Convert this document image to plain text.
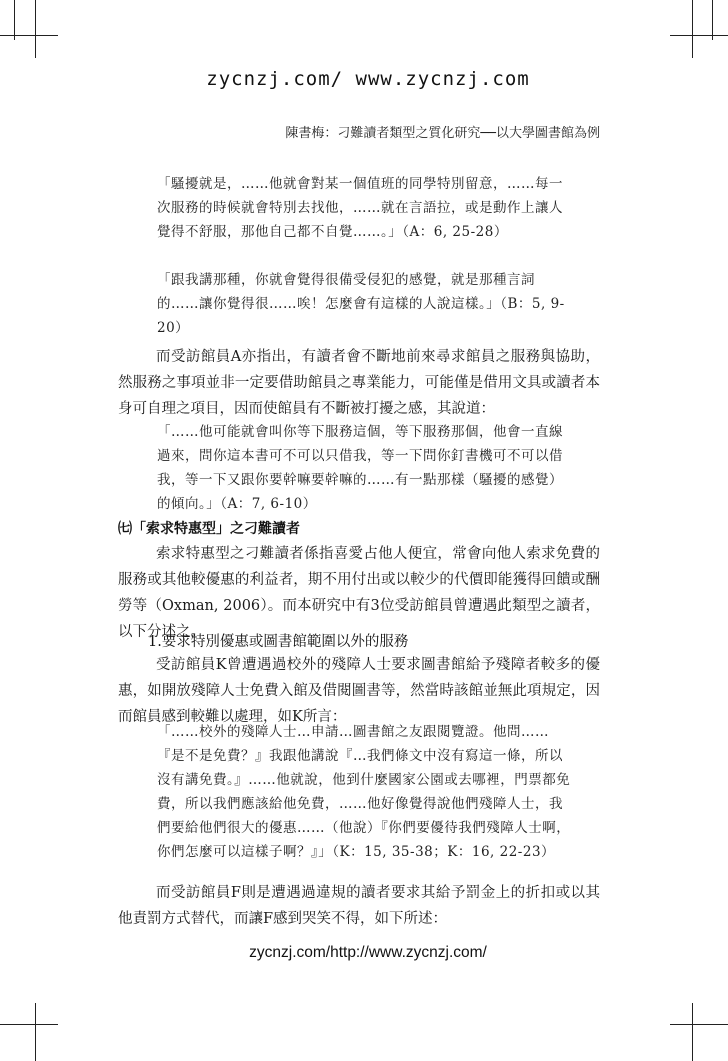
zycnzj.com/ www.zycnzj.com
陳書梅：刁難讀者類型之質化研究──以大學圖書館為例

「騷擾就是，……他就會對某一個值班的同學特別留意，……每一次服務的時候就會特別去找他，……就在言語拉，或是動作上讓人覺得不舒服，那他自己都不自覺……。」（A：6, 25-28）

「跟我講那種，你就會覺得很備受侵犯的感覺，就是那種言詞的……讓你覺得很……唉！怎麼會有這樣的人說這樣。」（B：5, 9-20）

而受訪館員A亦指出，有讀者會不斷地前來尋求館員之服務與協助，然服務之事項並非一定要借助館員之專業能力，可能僅是借用文具或讀者本身可自理之項目，因而使館員有不斷被打擾之感，其說道：

「……他可能就會叫你等下服務這個，等下服務那個，他會一直線過來，問你這本書可不可以只借我，等一下問你釘書機可不可以借我，等一下又跟你要幹嘛要幹嘛的……有一點那樣（騷擾的感覺）的傾向。」（A：7, 6-10）

㈦「索求特惠型」之刁難讀者

索求特惠型之刁難讀者係指喜愛占他人便宜，常會向他人索求免費的服務或其他較優惠的利益者，期不用付出或以較少的代價即能獲得回饋或酬勞等（Oxman, 2006）。而本研究中有3位受訪館員曾遭遇此類型之讀者，以下分述之。

1.要求特別優惠或圖書館範圍以外的服務

受訪館員K曾遭遇過校外的殘障人士要求圖書館給予殘障者較多的優惠，如開放殘障人士免費入館及借閱圖書等，然當時該館並無此項規定，因而館員感到較難以處理，如K所言：

「……校外的殘障人士…申請…圖書館之友跟閱覽證。他問……『是不是免費？』我跟他講說『…我們條文中沒有寫這一條，所以沒有講免費。』……他就說，他到什麼國家公園或去哪裡，門票都免費，所以我們應該給他免費，……他好像覺得說他們殘障人士，我們要給他們很大的優惠……（他說）『你們要優待我們殘障人士啊，你們怎麼可以這樣子啊？』」（K：15, 35-38；K：16, 22-23）

而受訪館員F則是遭遇過違規的讀者要求其給予罰金上的折扣或以其他責罰方式替代，而讓F感到哭笑不得，如下所述：

zycnzj.com/http://www.zycnzj.com/
